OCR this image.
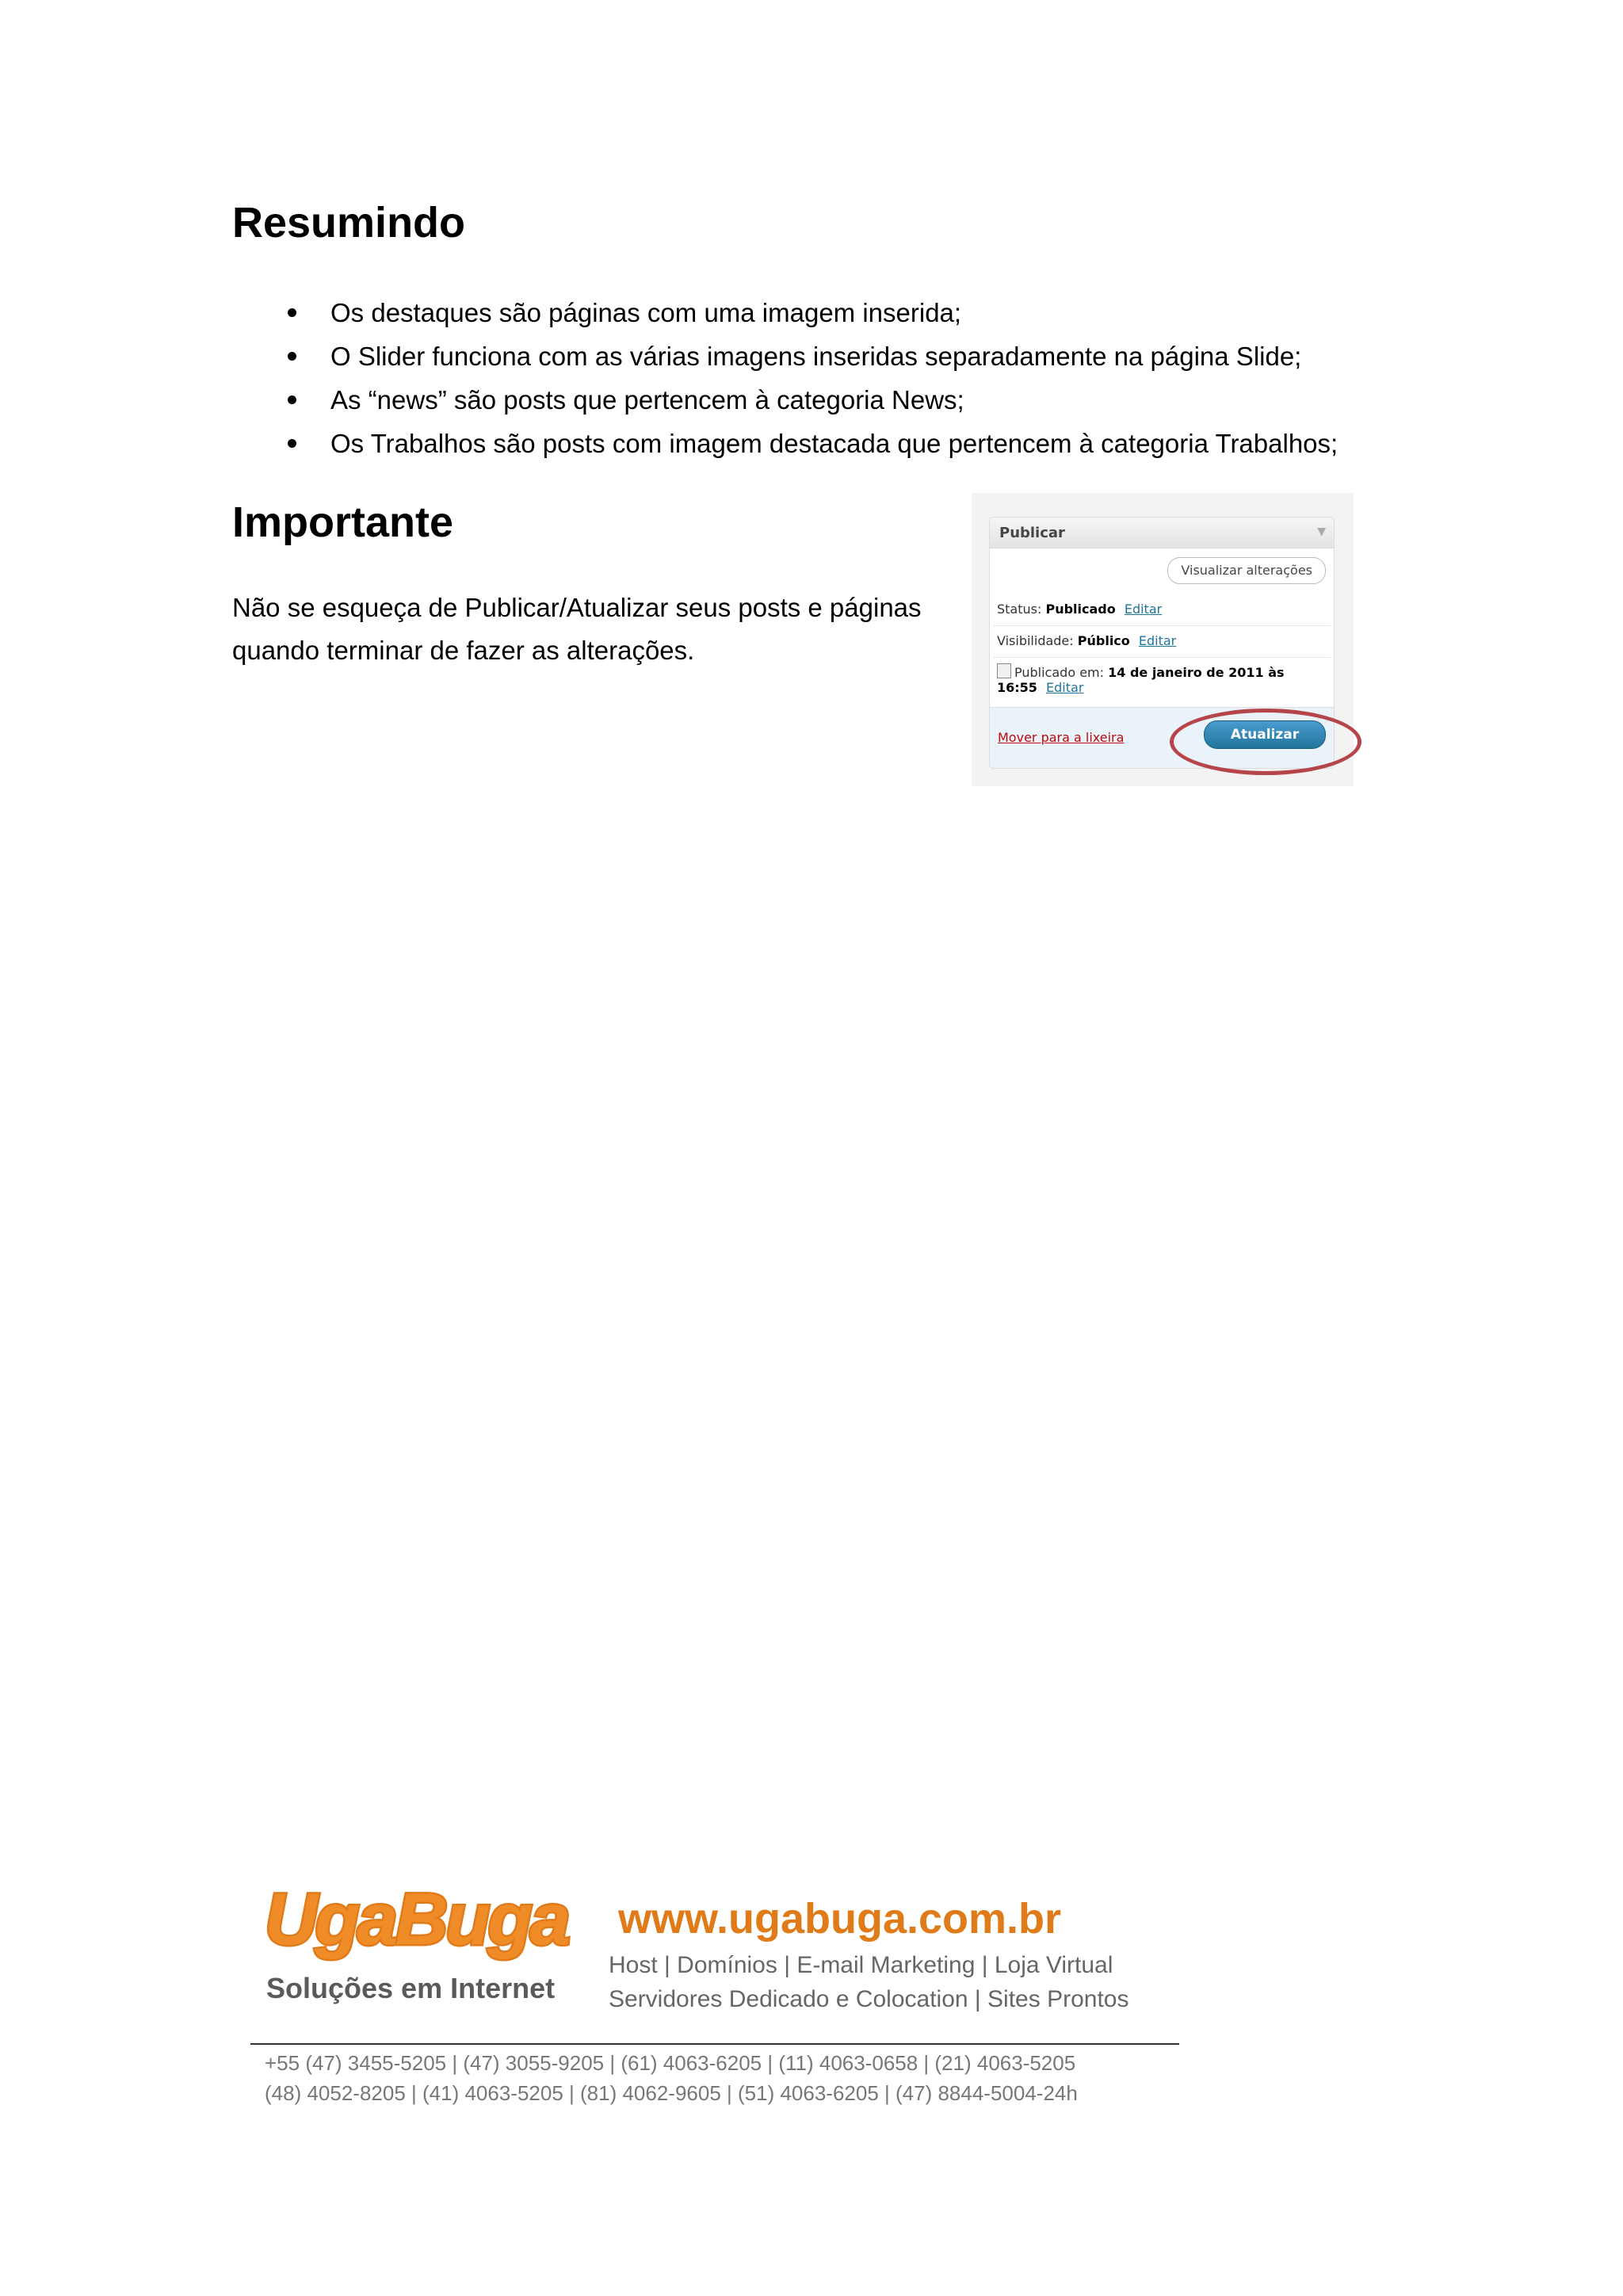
Resumindo
Os destaques são páginas com uma imagem inserida;
O Slider funciona com as várias imagens inseridas separadamente na página Slide;
As “news” são posts que pertencem à categoria News;
Os Trabalhos são posts com imagem destacada que pertencem à categoria Trabalhos;
Importante

Não se esqueça de Publicar/Atualizar seus posts e páginas
quando terminar de fazer as alterações.

Publicar	▼
Visualizar alterações
Status: Publicado Editar
Visibilidade: Público Editar
Publicado em: 14 de janeiro de 2011 às
16:55 Editar
Mover para a lixeira	Atualizar
UgaBuga
Soluções em Internet
www.ugabuga.com.br
Host | Domínios | E-mail Marketing | Loja Virtual
Servidores Dedicado e Colocation | Sites Prontos
+55 (47) 3455-5205 | (47) 3055-9205 | (61) 4063-6205 | (11) 4063-0658 | (21) 4063-5205
(48) 4052-8205 | (41) 4063-5205 | (81) 4062-9605 | (51) 4063-6205 | (47) 8844-5004-24h
